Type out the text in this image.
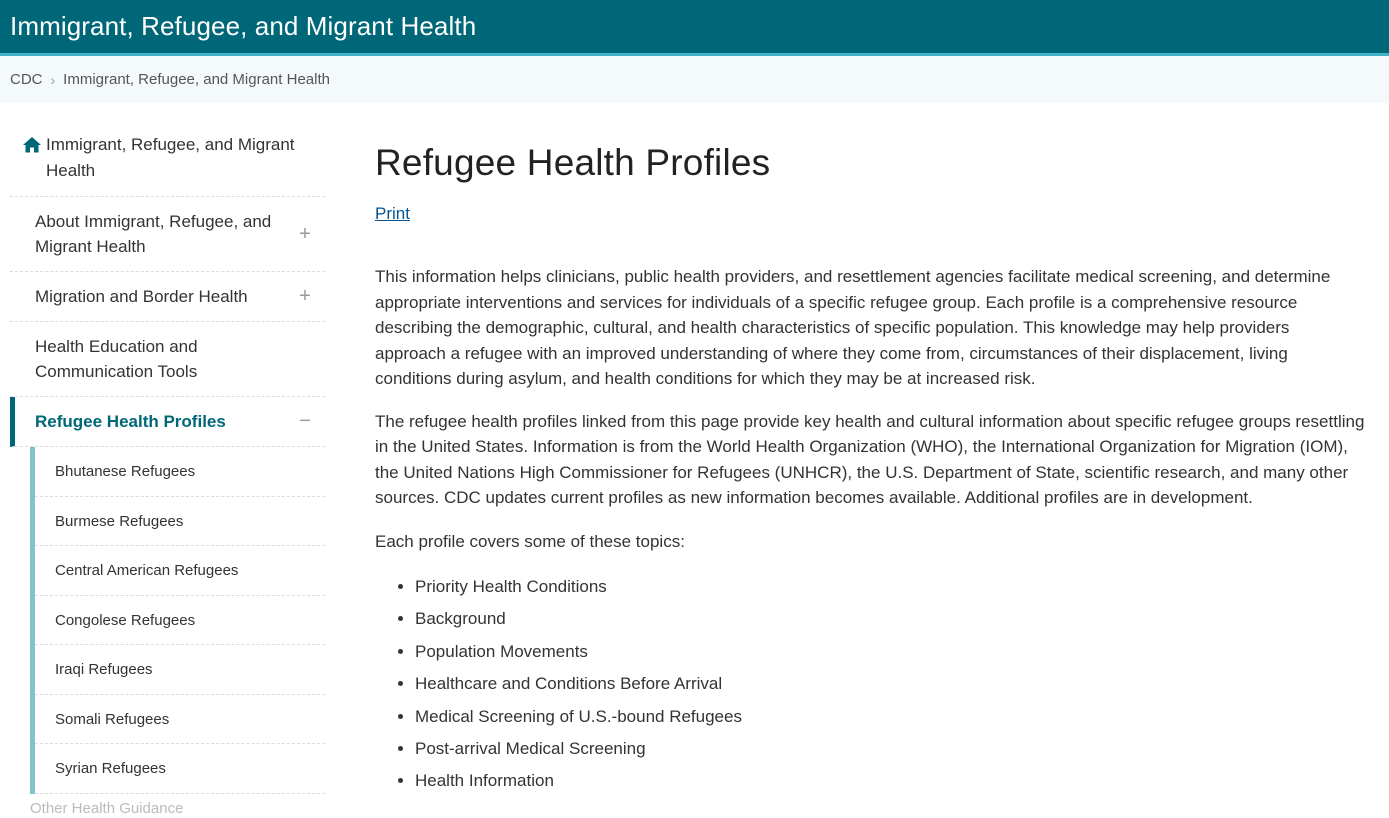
Immigrant, Refugee, and Migrant Health
CDC › Immigrant, Refugee, and Migrant Health
Immigrant, Refugee, and Migrant Health
About Immigrant, Refugee, and Migrant Health
+
Migration and Border Health	+
Health Education and Communication Tools
Refugee Health Profiles	−
Bhutanese Refugees
Burmese Refugees
Central American Refugees
Congolese Refugees
Iraqi Refugees
Somali Refugees
Syrian Refugees
Other Health Guidance
Refugee Health Profiles
Print

This information helps clinicians, public health providers, and resettlement agencies facilitate medical screening, and determine appropriate interventions and services for individuals of a specific refugee group. Each profile is a comprehensive resource describing the demographic, cultural, and health characteristics of specific population. This knowledge may help providers approach a refugee with an improved understanding of where they come from, circumstances of their displacement, living conditions during asylum, and health conditions for which they may be at increased risk.

The refugee health profiles linked from this page provide key health and cultural information about specific refugee groups resettling in the United States. Information is from the World Health Organization (WHO), the International Organization for Migration (IOM), the United Nations High Commissioner for Refugees (UNHCR), the U.S. Department of State, scientific research, and many other sources. CDC updates current profiles as new information becomes available. Additional profiles are in development.

Each profile covers some of these topics:

• Priority Health Conditions
• Background
• Population Movements
• Healthcare and Conditions Before Arrival
• Medical Screening of U.S.-bound Refugees
• Post-arrival Medical Screening
• Health Information
